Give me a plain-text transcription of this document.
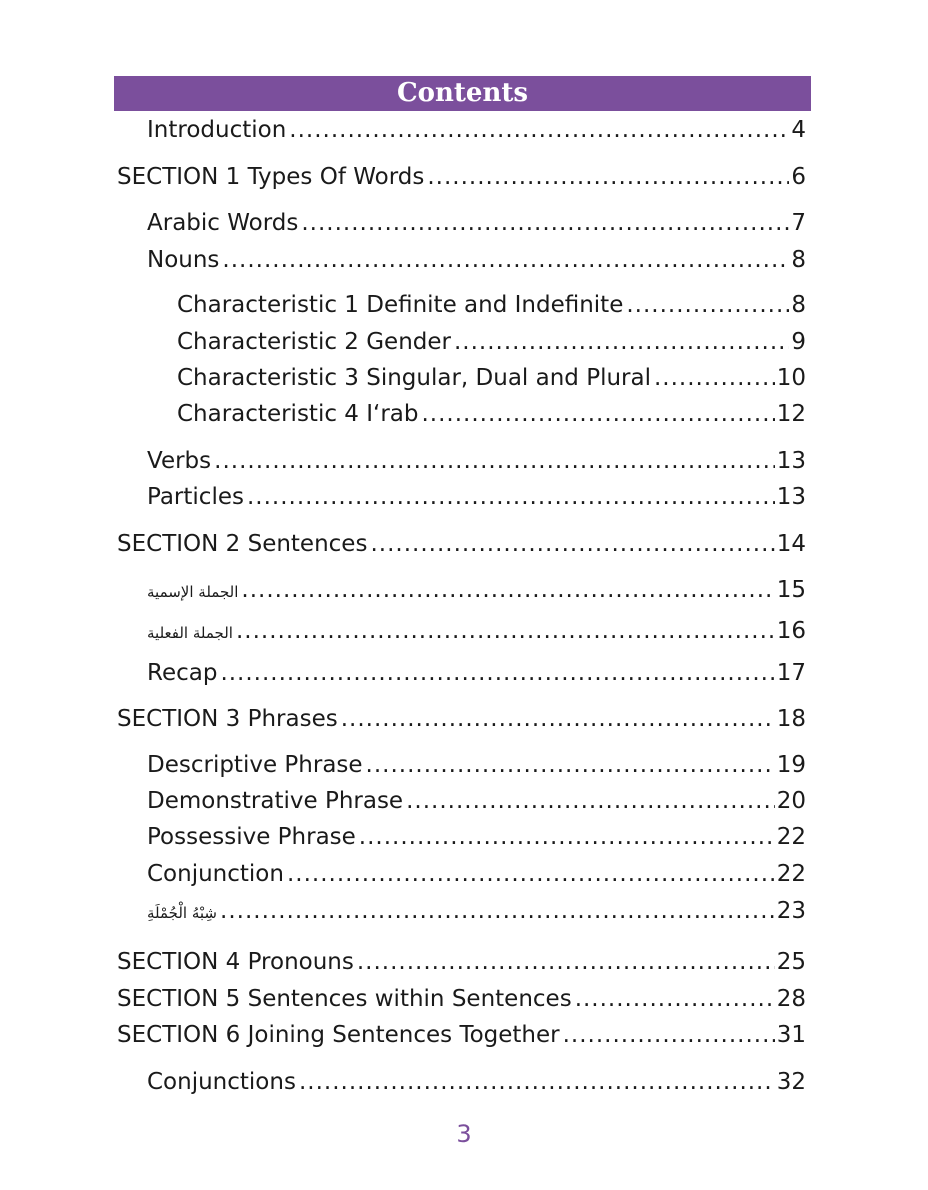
Contents
Introduction .....	4
SECTION 1 Types Of Words .....	6
Arabic Words .....	7
Nouns .....	8
Characteristic 1 Definite and Indefinite .....	8
Characteristic 2 Gender .....	9
Characteristic 3 Singular, Dual and Plural .....	10
Characteristic 4 I‘rab .....	12
Verbs .....	13
Particles .....	13
SECTION 2 Sentences .....	14
الجملة الإسمية .....	15
الجملة الفعلية .....	16
Recap .....	17
SECTION 3 Phrases .....	18
Descriptive Phrase .....	19
Demonstrative Phrase .....	20
Possessive Phrase .....	22
Conjunction .....	22
شِبْهُ الْجُمْلَةِ .....	23
SECTION 4 Pronouns .....	25
SECTION 5 Sentences within Sentences .....	28
SECTION 6 Joining Sentences Together .....	31
Conjunctions .....	32
3
